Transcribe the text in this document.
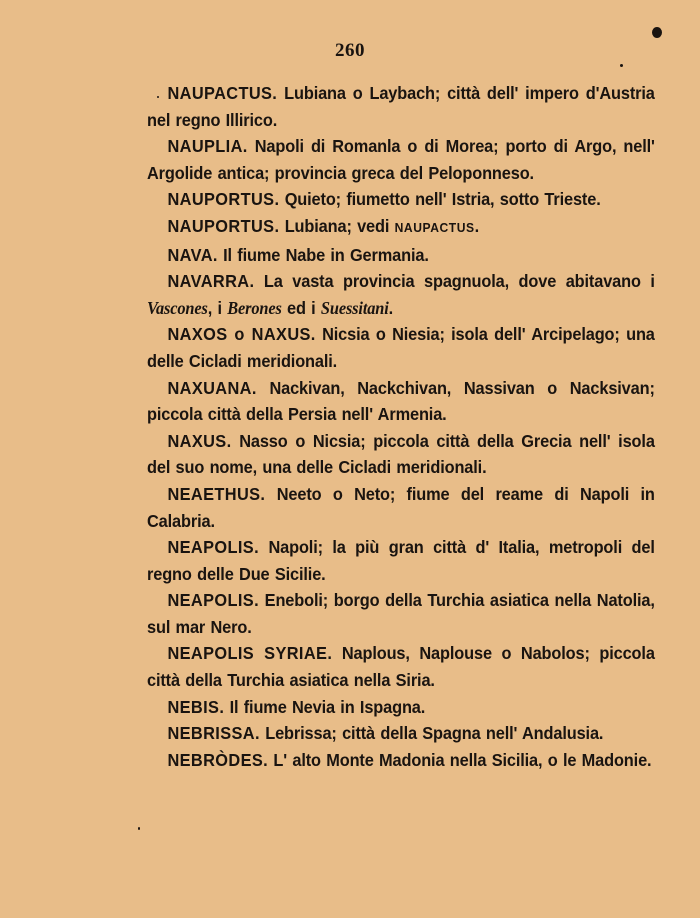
260

NAUPACTUS. Lubiana o Laybach; città dell' impero d'Austria nel regno Illirico.

NAUPLIA. Napoli di Romanla o di Morea; porto di Argo, nell' Argolide antica; provincia greca del Peloponneso.

NAUPORTUS. Quieto; fiumetto nell' Istria, sotto Trieste.

NAUPORTUS. Lubiana; vedi NAUPACTUS.

NAVA. Il fiume Nabe in Germania.

NAVARRA. La vasta provincia spagnuola, dove abitavano i Vascones, i Berones ed i Suessitani.

NAXOS o NAXUS. Nicsia o Niesia; isola dell' Arcipelago; una delle Cicladi meridionali.

NAXUANA. Nackivan, Nackchivan, Nassivan o Nacksivan; piccola città della Persia nell' Armenia.

NAXUS. Nasso o Nicsia; piccola città della Grecia nell' isola del suo nome, una delle Cicladi meridionali.

NEAETHUS. Neeto o Neto; fiume del reame di Napoli in Calabria.

NEAPOLIS. Napoli; la più gran città d' Italia, metropoli del regno delle Due Sicilie.

NEAPOLIS. Eneboli; borgo della Turchia asiatica nella Natolia, sul mar Nero.

NEAPOLIS SYRIAE. Naplous, Naplouse o Nabolos; piccola città della Turchia asiatica nella Siria.

NEBIS. Il fiume Nevia in Ispagna.

NEBRISSA. Lebrissa; città della Spagna nell' Andalusia.

NEBRÒDES. L' alto Monte Madonia nella Sicilia, o le Madonie.
